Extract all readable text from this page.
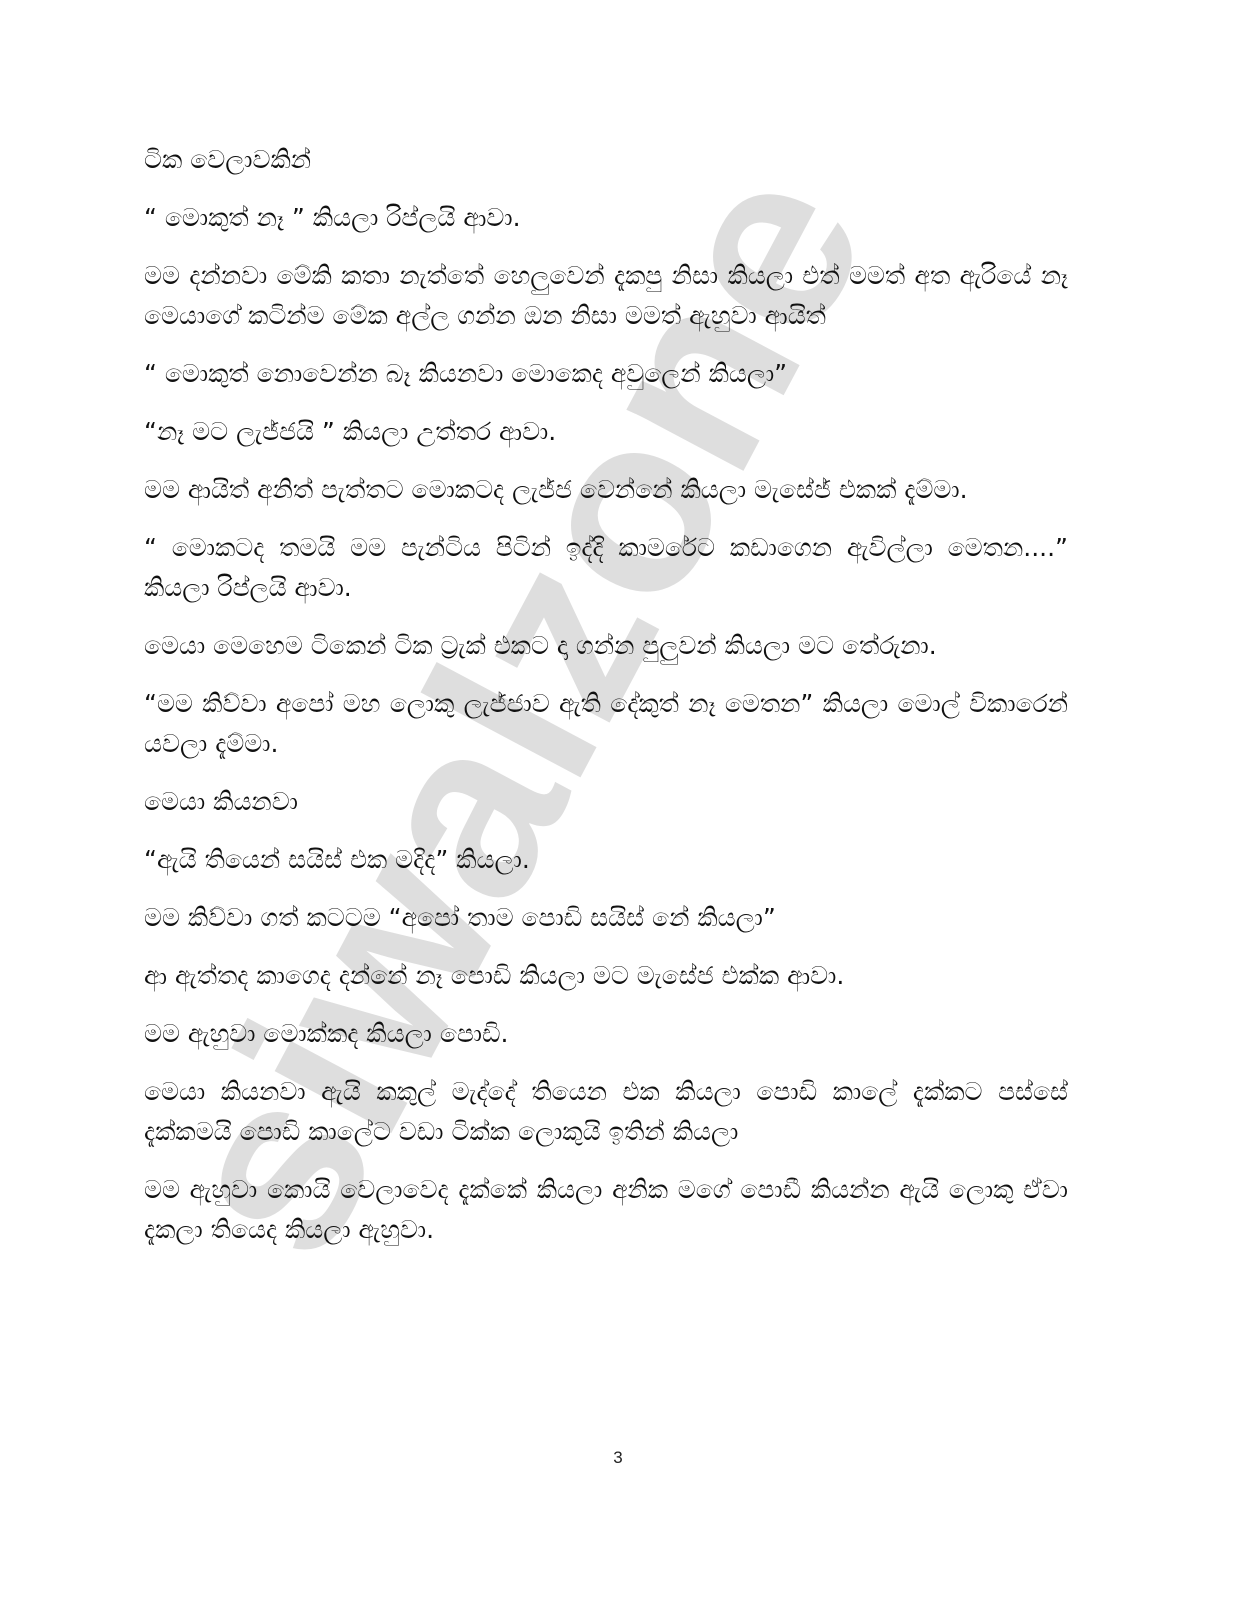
siwalzone

ටික වෙලාවකින්

“ මොකුත් නෑ ” කියලා රිප්ලයි ආවා.

මම දන්නවා මේකි කතා නැත්තේ හෙලුවෙන් දැකපු නිසා කියලා එත් මමත් අත ඇරියේ නෑ මෙයාගේ කටින්ම මේක අල්ල ගන්න ඔන නිසා මමත් ඇහුවා ආයිත්

“ මොකුත් නොවෙන්න බෑ කියනවා මොකෙද අවුලෙන් කියලා”

“නෑ මට ලැජ්ජයි ” කියලා උත්තර ආවා.

මම ආයිත් අනිත් පැත්තට මොකටද ලැජ්ජ වෙන්නේ කියලා මැසේජ් එකක් දැම්මා.

“ මොකටද තමයි මම පැන්ටිය පිටින් ඉද්දි කාමරේට කඩාගෙන ඇවිල්ලා මෙතන....” කියලා රිප්ලයි ආවා.

මෙයා මෙහෙම ටිකෙන් ටික ට්‍රැක් එකට දා ගන්න පුලුවන් කියලා මට තේරුනා.

“මම කිව්වා අපෝ මහ ලොකු ලැජ්ජාව ඇති දේකුත් නෑ මෙතන” කියලා මොල් විකාරෙන් යවලා දැම්මා.

මෙයා කියනවා

“ඇයි තියෙන් සයිස් එක මදිද” කියලා.

මම කිව්වා ගත් කටටම “අපෝ තාම පොඩි සයිස් නේ කියලා”

ආ ඇත්තද කාගෙද දන්නේ නෑ පොඩි කියලා මට මැසේජ එක්ක ආවා.

මම ඇහුවා මොක්කද කියලා පොඩි.

මෙයා කියනවා ඇයි කකුල් මැද්දේ තියෙන එක කියලා පොඩි කාලේ දැක්කට පස්සේ දැක්කමයි පොඩි කාලේට වඩා ටික්ක ලොකුයි ඉතින් කියලා

මම ඇහුවා කොයි වෙලාවෙද දැක්කේ කියලා අනික මගේ පොඩී කියන්න ඇයි ලොකු ඒවා දැකලා තියෙද කියලා ඇහුවා.

3
